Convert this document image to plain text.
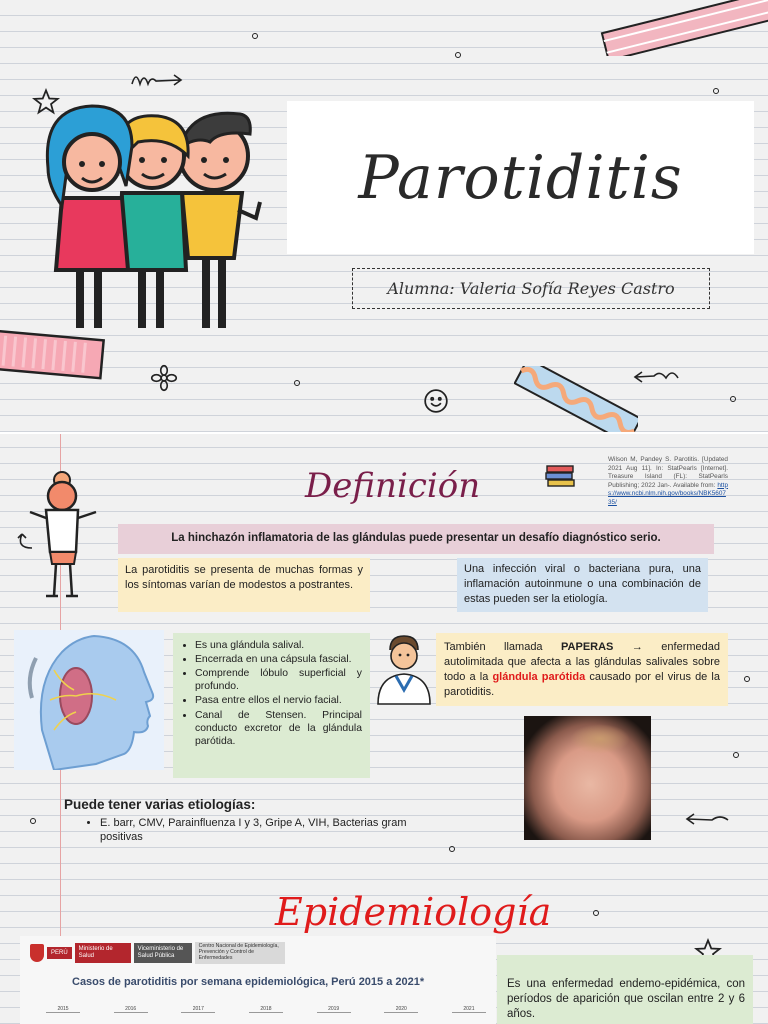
Parotiditis
Alumna: Valeria Sofía Reyes Castro
Definición
Wilson M, Pandey S. Parotitis. [Updated 2021 Aug 11]. In: StatPearls [Internet]. Treasure Island (FL): StatPearls Publishing; 2022 Jan-. Available from: https://www.ncbi.nlm.nih.gov/books/NBK560735/
La hinchazón inflamatoria de las glándulas puede presentar un desafío diagnóstico serio.
La parotiditis se presenta de muchas formas y los síntomas varían de modestos a postrantes.
Una infección viral o bacteriana pura, una inflamación autoinmune o una combinación de estas pueden ser la etiología.
• Es una glándula salival.
• Encerrada en una cápsula fascial.
• Comprende lóbulo superficial y profundo.
• Pasa entre ellos el nervio facial.
• Canal de Stensen. Principal conducto excretor de la glándula parótida.
También llamada PAPERAS → enfermedad autolimitada que afecta a las glándulas salivales sobre todo a la glándula parótida causado por el virus de la parotiditis.
Puede tener varias etiologías:
• E. barr, CMV, Parainfluenza I y 3, Gripe A, VIH, Bacterias gram positivas
Epidemiología
PERÚ
Ministerio de Salud
Viceministerio de Salud Pública
Centro Nacional de Epidemiología, Prevención y Control de Enfermedades
Casos de parotiditis por semana epidemiológica, Perú 2015 a 2021*
2015	2016	2017	2018	2019	2020	2021
Es una enfermedad endemo-epidémica, con períodos de aparición que oscilan entre 2 y 6 años.
